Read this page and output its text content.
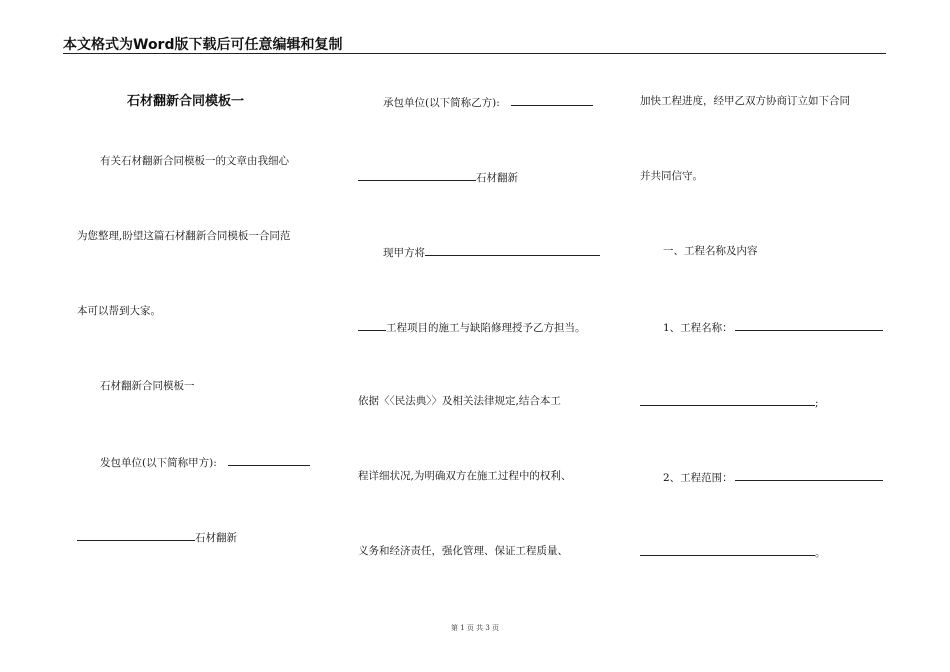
本文格式为Word版下载后可任意编辑和复制
石材翻新合同模板一
有关石材翻新合同模板一的文章由我细心
为您整理,盼望这篇石材翻新合同模板一合同范
本可以帮到大家。
石材翻新合同模板一
发包单位(以下简称甲方):
石材翻新
承包单位(以下简称乙方):
石材翻新
现甲方将
工程项目的施工与缺陷修理授予乙方担当。
依据〈〈民法典〉〉及相关法律规定,结合本工
程详细状况,为明确双方在施工过程中的权利、
义务和经济责任，强化管理、保证工程质量、
加快工程进度，经甲乙双方协商订立如下合同
并共同信守。
一、工程名称及内容
1、工程名称：
;
2、工程范围：
。
第 1 页 共 3 页
